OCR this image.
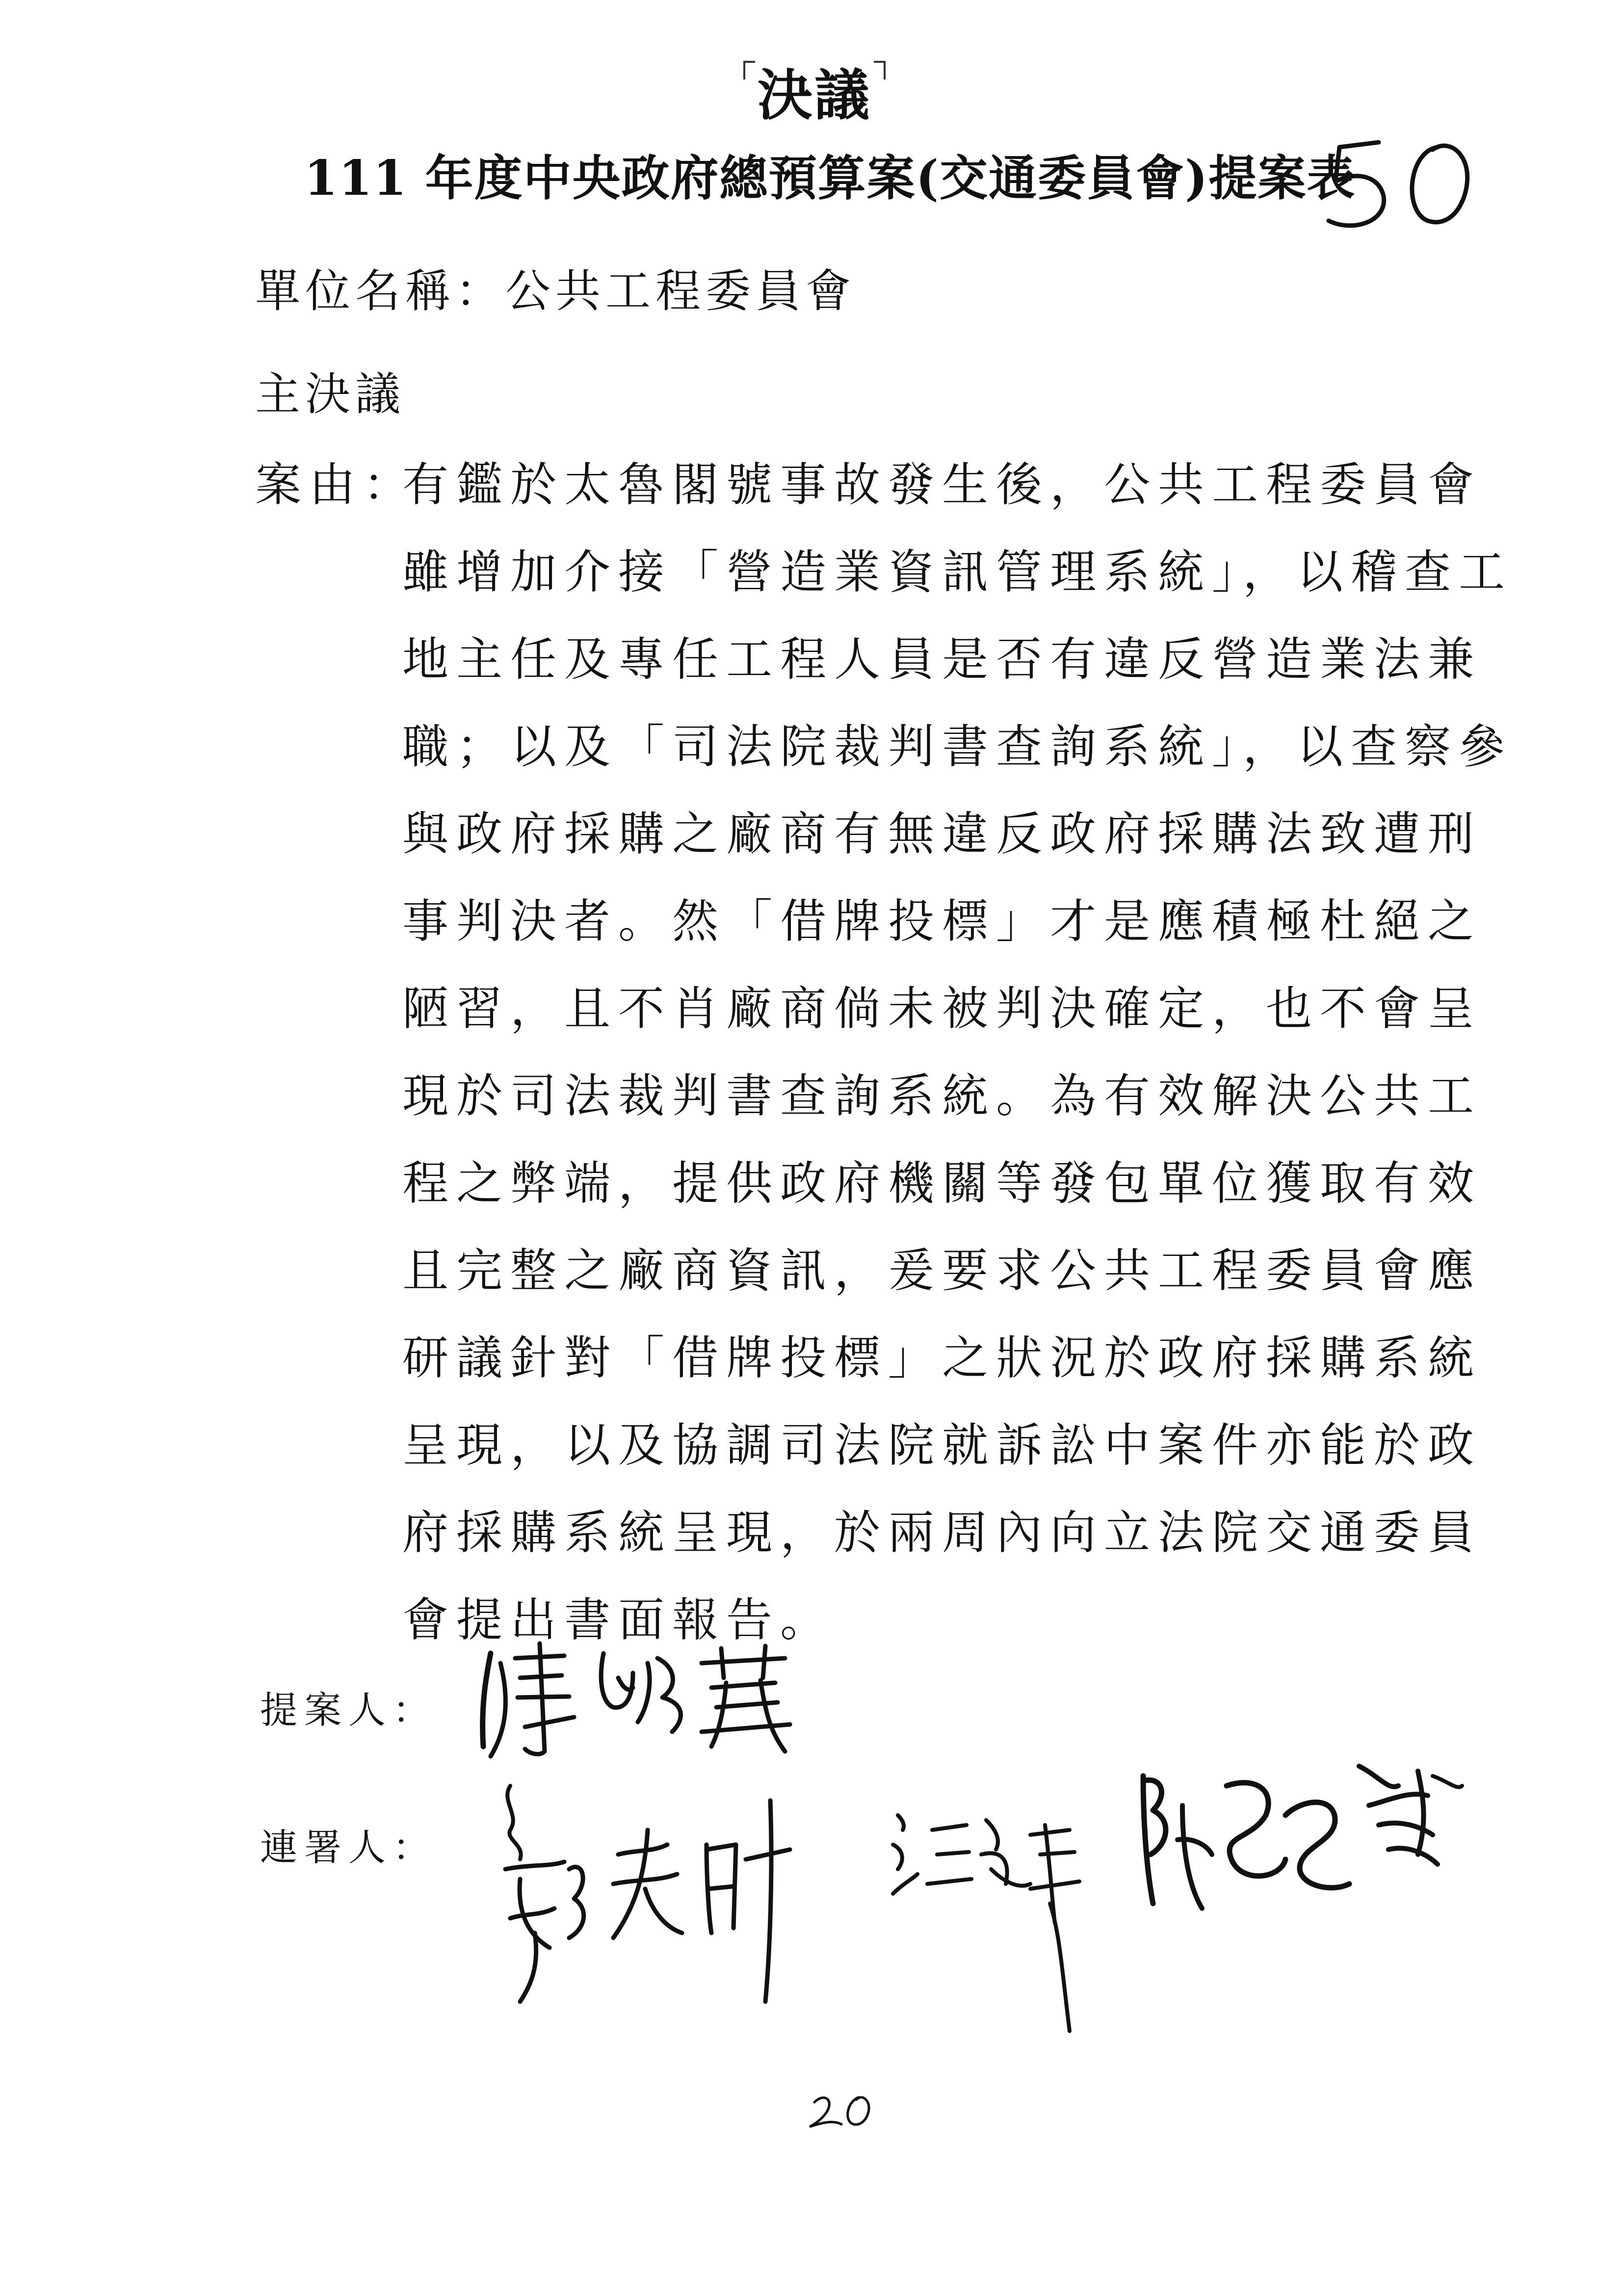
決議
111 年度中央政府總預算案(交通委員會)提案表
單位名稱：公共工程委員會
主決議
案由：有鑑於太魯閣號事故發生後，公共工程委員會
雖增加介接「營造業資訊管理系統」，以稽查工
地主任及專任工程人員是否有違反營造業法兼
職；以及「司法院裁判書查詢系統」，以查察參
與政府採購之廠商有無違反政府採購法致遭刑
事判決者。然「借牌投標」才是應積極杜絕之
陋習，且不肖廠商倘未被判決確定，也不會呈
現於司法裁判書查詢系統。為有效解決公共工
程之弊端，提供政府機關等發包單位獲取有效
且完整之廠商資訊，爰要求公共工程委員會應
研議針對「借牌投標」之狀況於政府採購系統
呈現，以及協調司法院就訴訟中案件亦能於政
府採購系統呈現，於兩周內向立法院交通委員
會提出書面報告。
提案人：
連署人：
